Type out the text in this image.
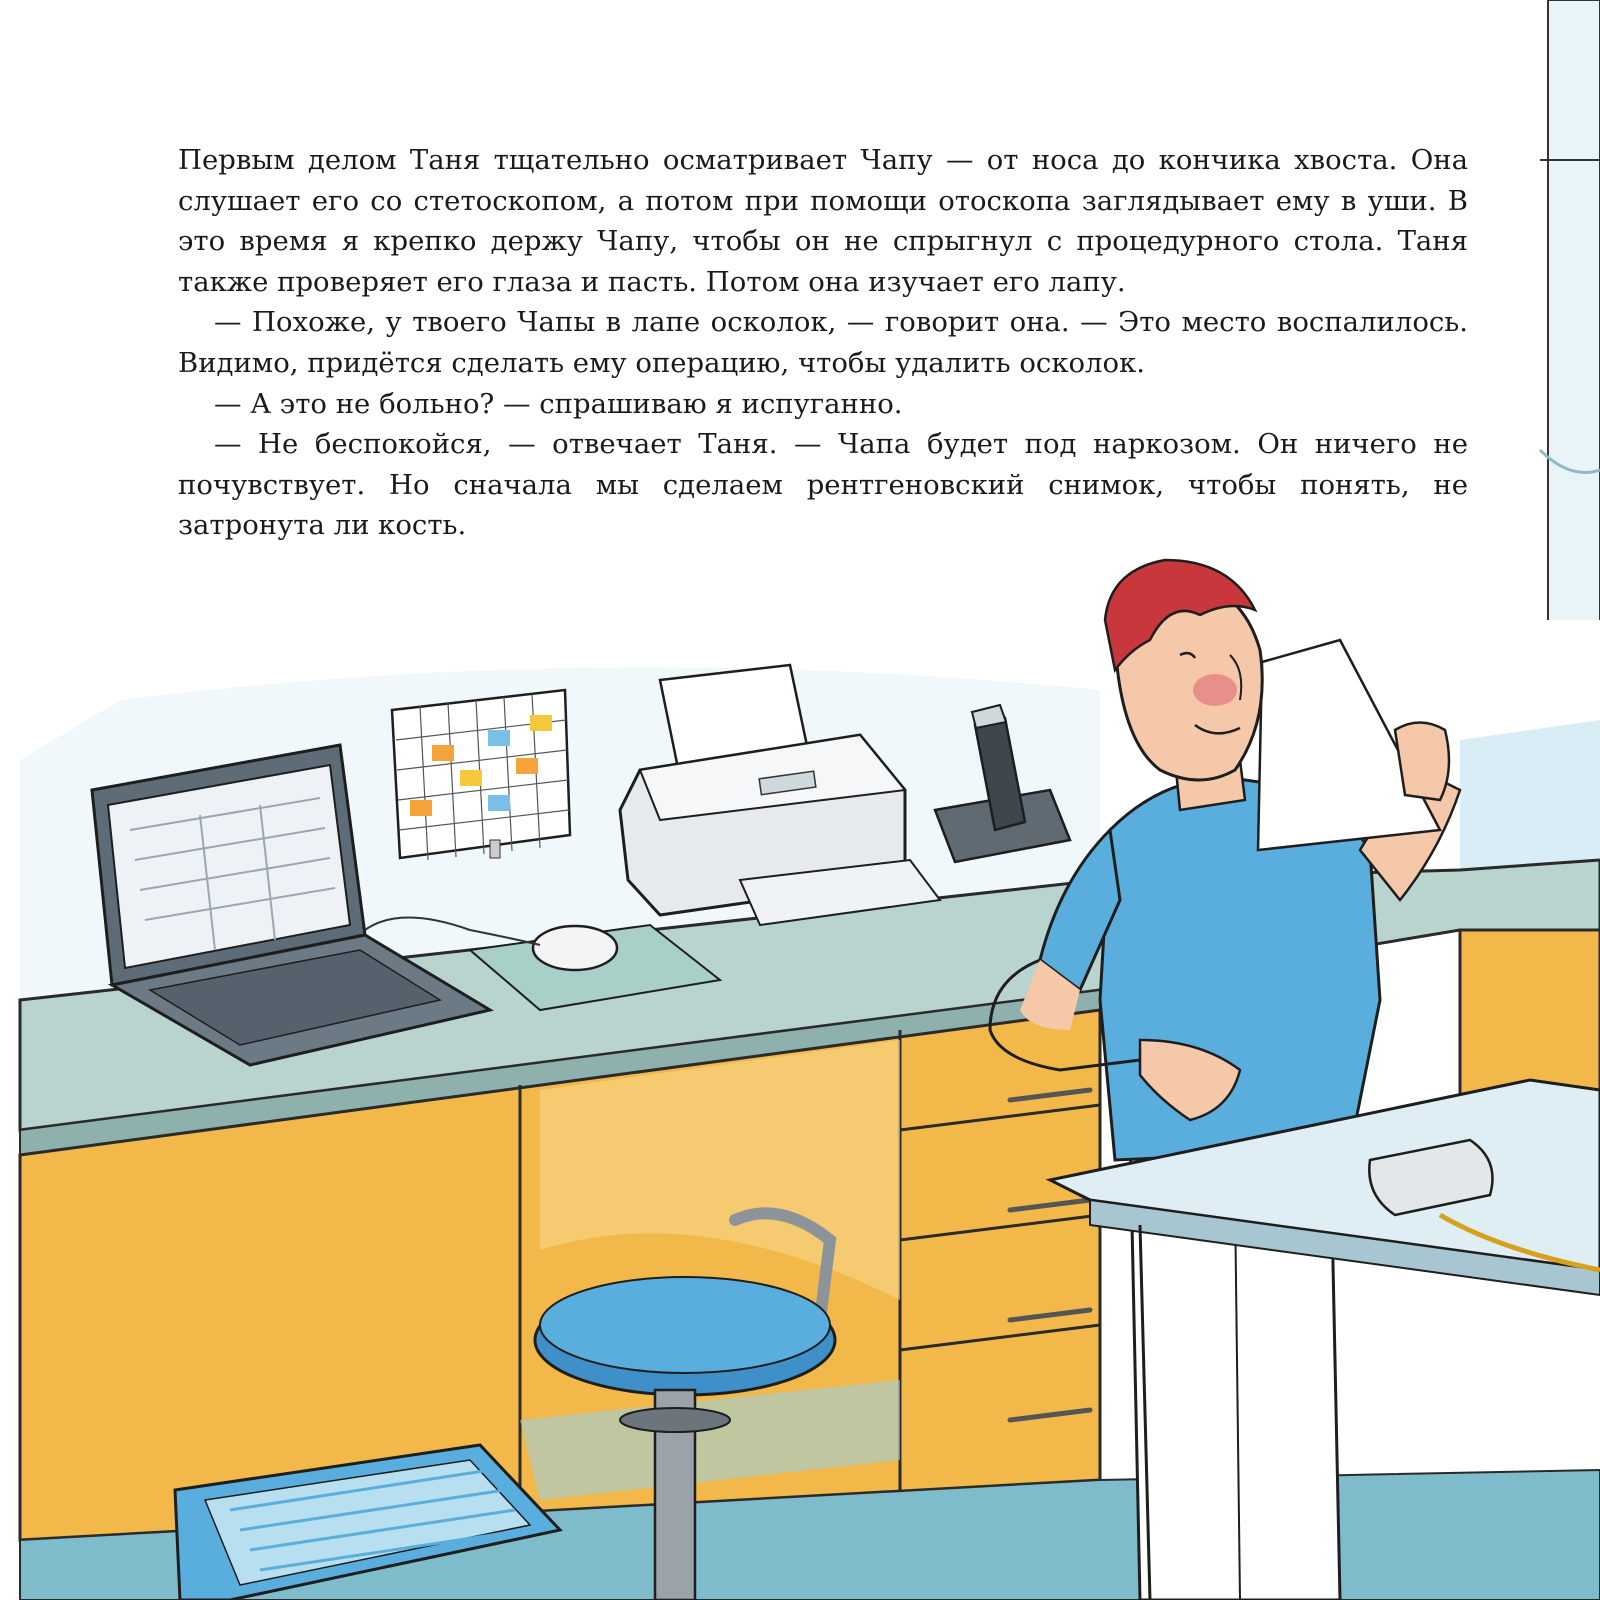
Первым делом Таня тщательно осматривает Чапу — от носа до кончика хвоста. Она слушает его со стетоскопом, а потом при помощи отоскопа заглядывает ему в уши. В это время я крепко держу Чапу, чтобы он не спрыгнул с процедурного стола. Таня также проверяет его глаза и пасть. Потом она изучает его лапу.

— Похоже, у твоего Чапы в лапе осколок, — говорит она. — Это место воспалилось. Видимо, придётся сделать ему операцию, чтобы удалить осколок.

— А это не больно? — спрашиваю я испуганно.

— Не беспокойся, — отвечает Таня. — Чапа будет под наркозом. Он ничего не почувствует. Но сначала мы сделаем рентгеновский снимок, чтобы понять, не затронута ли кость.
